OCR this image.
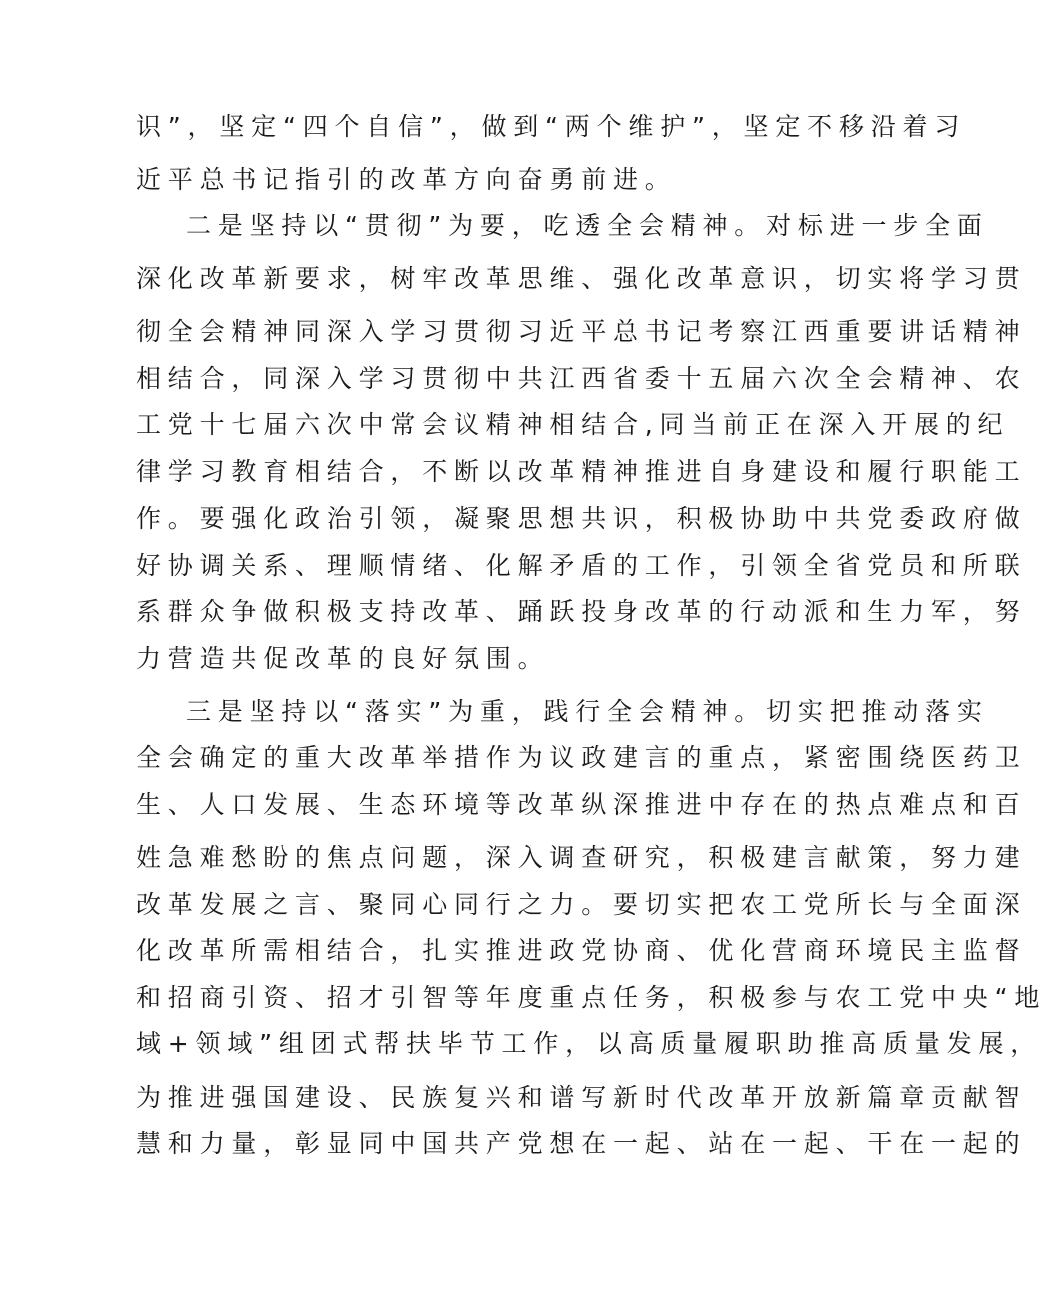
识”，坚定“四个自信”，做到“两个维护”，坚定不移沿着习
近平总书记指引的改革方向奋勇前进。
二是坚持以“贯彻”为要，吃透全会精神。对标进一步全面
深化改革新要求，树牢改革思维、强化改革意识，切实将学习贯
彻全会精神同深入学习贯彻习近平总书记考察江西重要讲话精神
相结合，同深入学习贯彻中共江西省委十五届六次全会精神、农
工党十七届六次中常会议精神相结合,同当前正在深入开展的纪
律学习教育相结合，不断以改革精神推进自身建设和履行职能工
作。要强化政治引领，凝聚思想共识，积极协助中共党委政府做
好协调关系、理顺情绪、化解矛盾的工作，引领全省党员和所联
系群众争做积极支持改革、踊跃投身改革的行动派和生力军，努
力营造共促改革的良好氛围。
三是坚持以“落实”为重，践行全会精神。切实把推动落实
全会确定的重大改革举措作为议政建言的重点，紧密围绕医药卫
生、人口发展、生态环境等改革纵深推进中存在的热点难点和百
姓急难愁盼的焦点问题，深入调查研究，积极建言献策，努力建
改革发展之言、聚同心同行之力。要切实把农工党所长与全面深
化改革所需相结合，扎实推进政党协商、优化营商环境民主监督
和招商引资、招才引智等年度重点任务，积极参与农工党中央“地
域+领域”组团式帮扶毕节工作，以高质量履职助推高质量发展，
为推进强国建设、民族复兴和谱写新时代改革开放新篇章贡献智
慧和力量，彰显同中国共产党想在一起、站在一起、干在一起的
